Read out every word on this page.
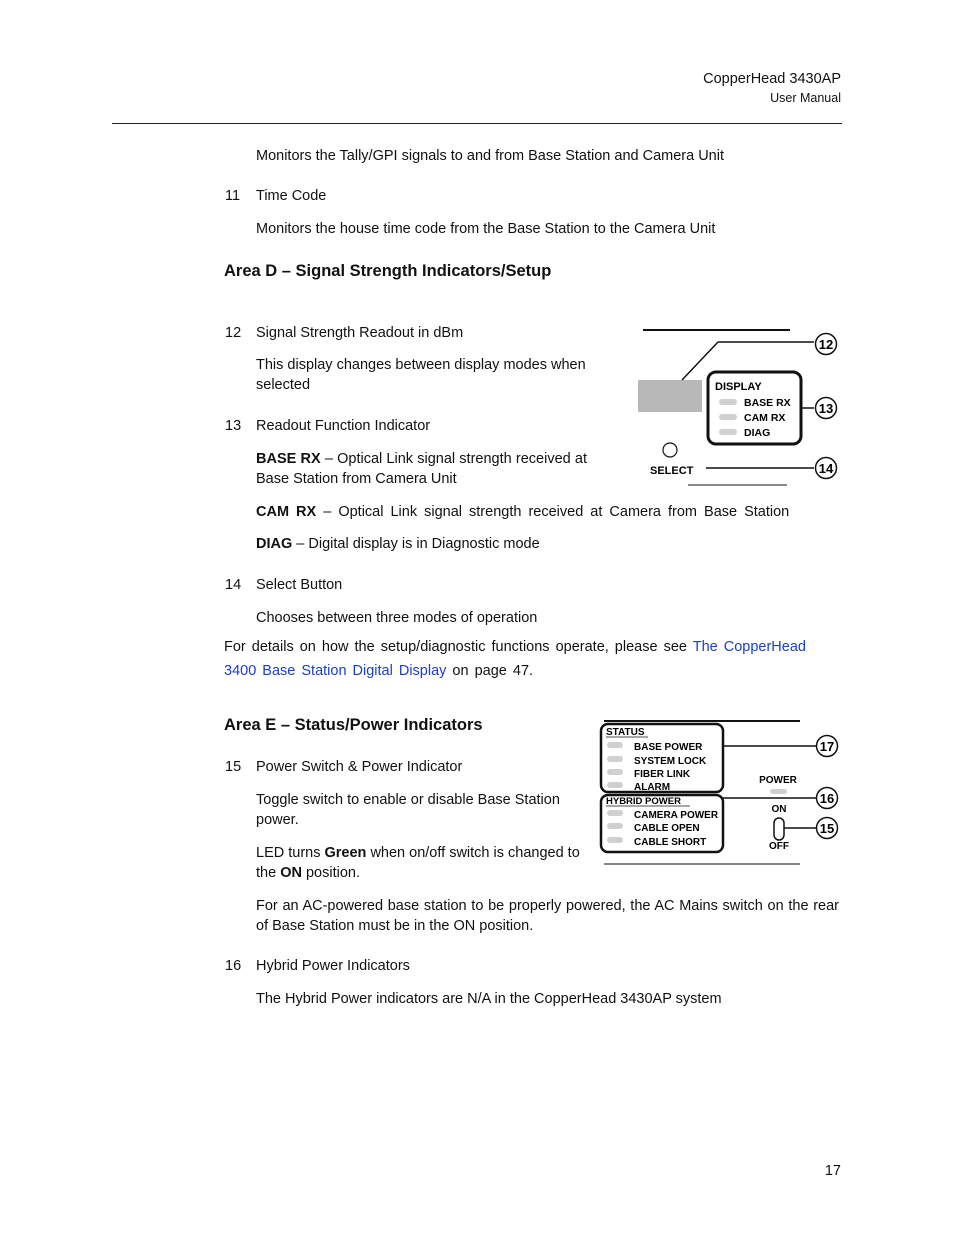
CopperHead 3430AP
User Manual
Monitors the Tally/GPI signals to and from Base Station and Camera Unit
11 Time Code
Monitors the house time code from the Base Station to the Camera Unit
Area D – Signal Strength Indicators/Setup
12 Signal Strength Readout in dBm
This display changes between display modes when selected
13 Readout Function Indicator
BASE RX – Optical Link signal strength received at Base Station from Camera Unit
CAM RX – Optical Link signal strength received at Camera from Base Station
DIAG – Digital display is in Diagnostic mode
14 Select Button
Chooses between three modes of operation
For details on how the setup/diagnostic functions operate, please see The CopperHead 3400 Base Station Digital Display on page 47.
Area E – Status/Power Indicators
15 Power Switch & Power Indicator
Toggle switch to enable or disable Base Station power.
LED turns Green when on/off switch is changed to the ON position.
For an AC-powered base station to be properly powered, the AC Mains switch on the rear of Base Station must be in the ON position.
16 Hybrid Power Indicators
The Hybrid Power indicators are N/A in the CopperHead 3430AP system
DISPLAY
BASE RX
CAM RX
DIAG
SELECT
12
13
14
STATUS
BASE POWER
SYSTEM LOCK
FIBER LINK
ALARM
HYBRID POWER
CAMERA POWER
CABLE OPEN
CABLE SHORT
POWER
ON
OFF
17
16
15
17
